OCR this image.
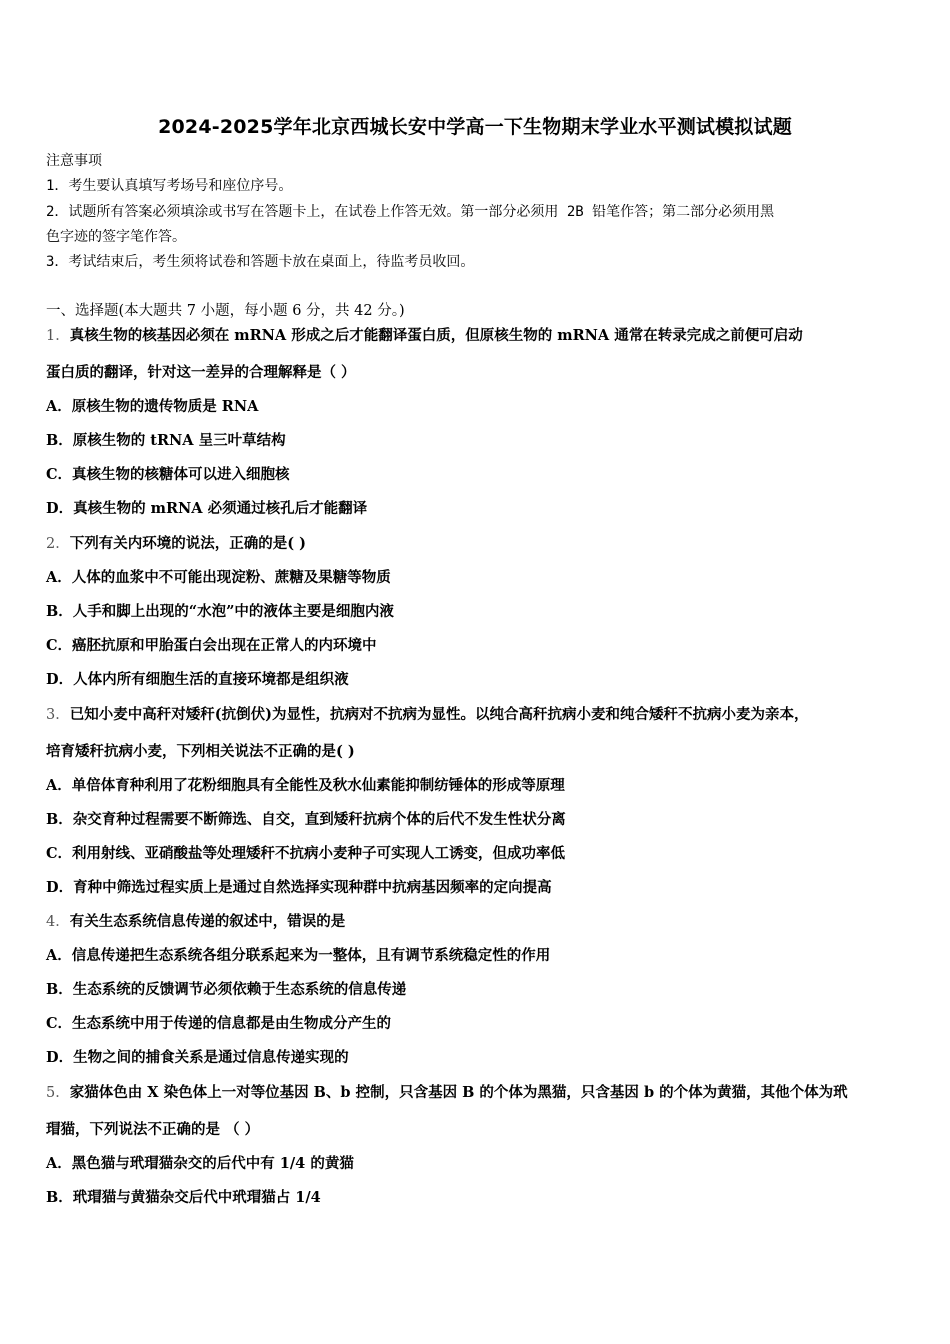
2024-2025学年北京西城长安中学高一下生物期末学业水平测试模拟试题
注意事项
1．考生要认真填写考场号和座位序号。
2．试题所有答案必须填涂或书写在答题卡上，在试卷上作答无效。第一部分必须用 2B 铅笔作答；第二部分必须用黑
色字迹的签字笔作答。
3．考试结束后，考生须将试卷和答题卡放在桌面上，待监考员收回。
一、选择题(本大题共 7 小题，每小题 6 分，共 42 分。)
1．真核生物的核基因必须在 mRNA 形成之后才能翻译蛋白质，但原核生物的 mRNA 通常在转录完成之前便可启动
蛋白质的翻译，针对这一差异的合理解释是（ ）
A．原核生物的遗传物质是 RNA
B．原核生物的 tRNA 呈三叶草结构
C．真核生物的核糖体可以进入细胞核
D．真核生物的 mRNA 必须通过核孔后才能翻译
2．下列有关内环境的说法，正确的是( )
A．人体的血浆中不可能出现淀粉、蔗糖及果糖等物质
B．人手和脚上出现的“水泡”中的液体主要是细胞内液
C．癌胚抗原和甲胎蛋白会出现在正常人的内环境中
D．人体内所有细胞生活的直接环境都是组织液
3．已知小麦中高秆对矮秆(抗倒伏)为显性，抗病对不抗病为显性。以纯合高秆抗病小麦和纯合矮秆不抗病小麦为亲本，
培育矮秆抗病小麦，下列相关说法不正确的是( )
A．单倍体育种利用了花粉细胞具有全能性及秋水仙素能抑制纺锤体的形成等原理
B．杂交育种过程需要不断筛选、自交，直到矮秆抗病个体的后代不发生性状分离
C．利用射线、亚硝酸盐等处理矮秆不抗病小麦种子可实现人工诱变，但成功率低
D．育种中筛选过程实质上是通过自然选择实现种群中抗病基因频率的定向提高
4．有关生态系统信息传递的叙述中，错误的是
A．信息传递把生态系统各组分联系起来为一整体，且有调节系统稳定性的作用
B．生态系统的反馈调节必须依赖于生态系统的信息传递
C．生态系统中用于传递的信息都是由生物成分产生的
D．生物之间的捕食关系是通过信息传递实现的
5．家猫体色由 X 染色体上一对等位基因 B、b 控制，只含基因 B 的个体为黑猫，只含基因 b 的个体为黄猫，其他个体为玳
瑁猫，下列说法不正确的是 （ ）
A．黑色猫与玳瑁猫杂交的后代中有 1/4 的黄猫
B．玳瑁猫与黄猫杂交后代中玳瑁猫占 1/4
